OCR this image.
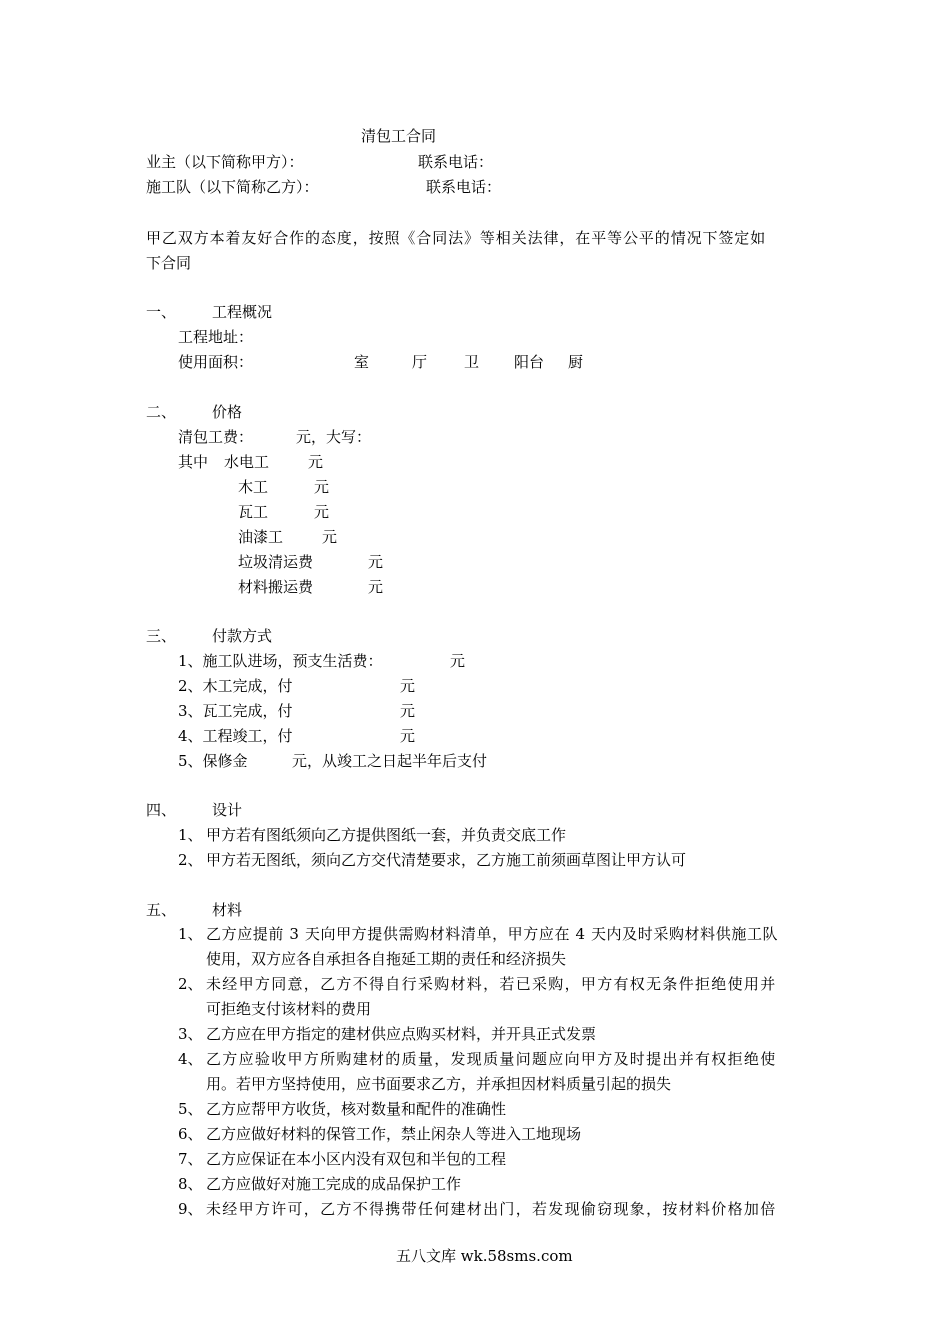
清包工合同
业主（以下简称甲方）：	联系电话：
施工队（以下简称乙方）：	联系电话：
甲乙双方本着友好合作的态度，按照《合同法》等相关法律，在平等公平的情况下签定如
下合同
一、 工程概况
工程地址：
使用面积：	室	厅 卫 阳台 厨
二、 价格
清包工费：	元，大写：
其中 水电工	元
木工	元
瓦工	元
油漆工	元
垃圾清运费	元
材料搬运费	元
三、 付款方式
1、施工队进场，预支生活费：	元
2、木工完成，付	元
3、瓦工完成，付	元
4、工程竣工，付	元
5、保修金	元，从竣工之日起半年后支付
四、 设计
1、 甲方若有图纸须向乙方提供图纸一套，并负责交底工作
2、 甲方若无图纸，须向乙方交代清楚要求，乙方施工前须画草图让甲方认可
五、 材料
1、 乙方应提前 3 天向甲方提供需购材料清单，甲方应在 4 天内及时采购材料供施工队
使用，双方应各自承担各自拖延工期的责任和经济损失
2、 未经甲方同意，乙方不得自行采购材料，若已采购，甲方有权无条件拒绝使用并
可拒绝支付该材料的费用
3、 乙方应在甲方指定的建材供应点购买材料，并开具正式发票
4、 乙方应验收甲方所购建材的质量，发现质量问题应向甲方及时提出并有权拒绝使
用。若甲方坚持使用，应书面要求乙方，并承担因材料质量引起的损失
5、 乙方应帮甲方收货，核对数量和配件的准确性
6、 乙方应做好材料的保管工作，禁止闲杂人等进入工地现场
7、 乙方应保证在本小区内没有双包和半包的工程
8、 乙方应做好对施工完成的成品保护工作
9、 未经甲方许可，乙方不得携带任何建材出门，若发现偷窃现象，按材料价格加倍
五八文库 wk.58sms.com
